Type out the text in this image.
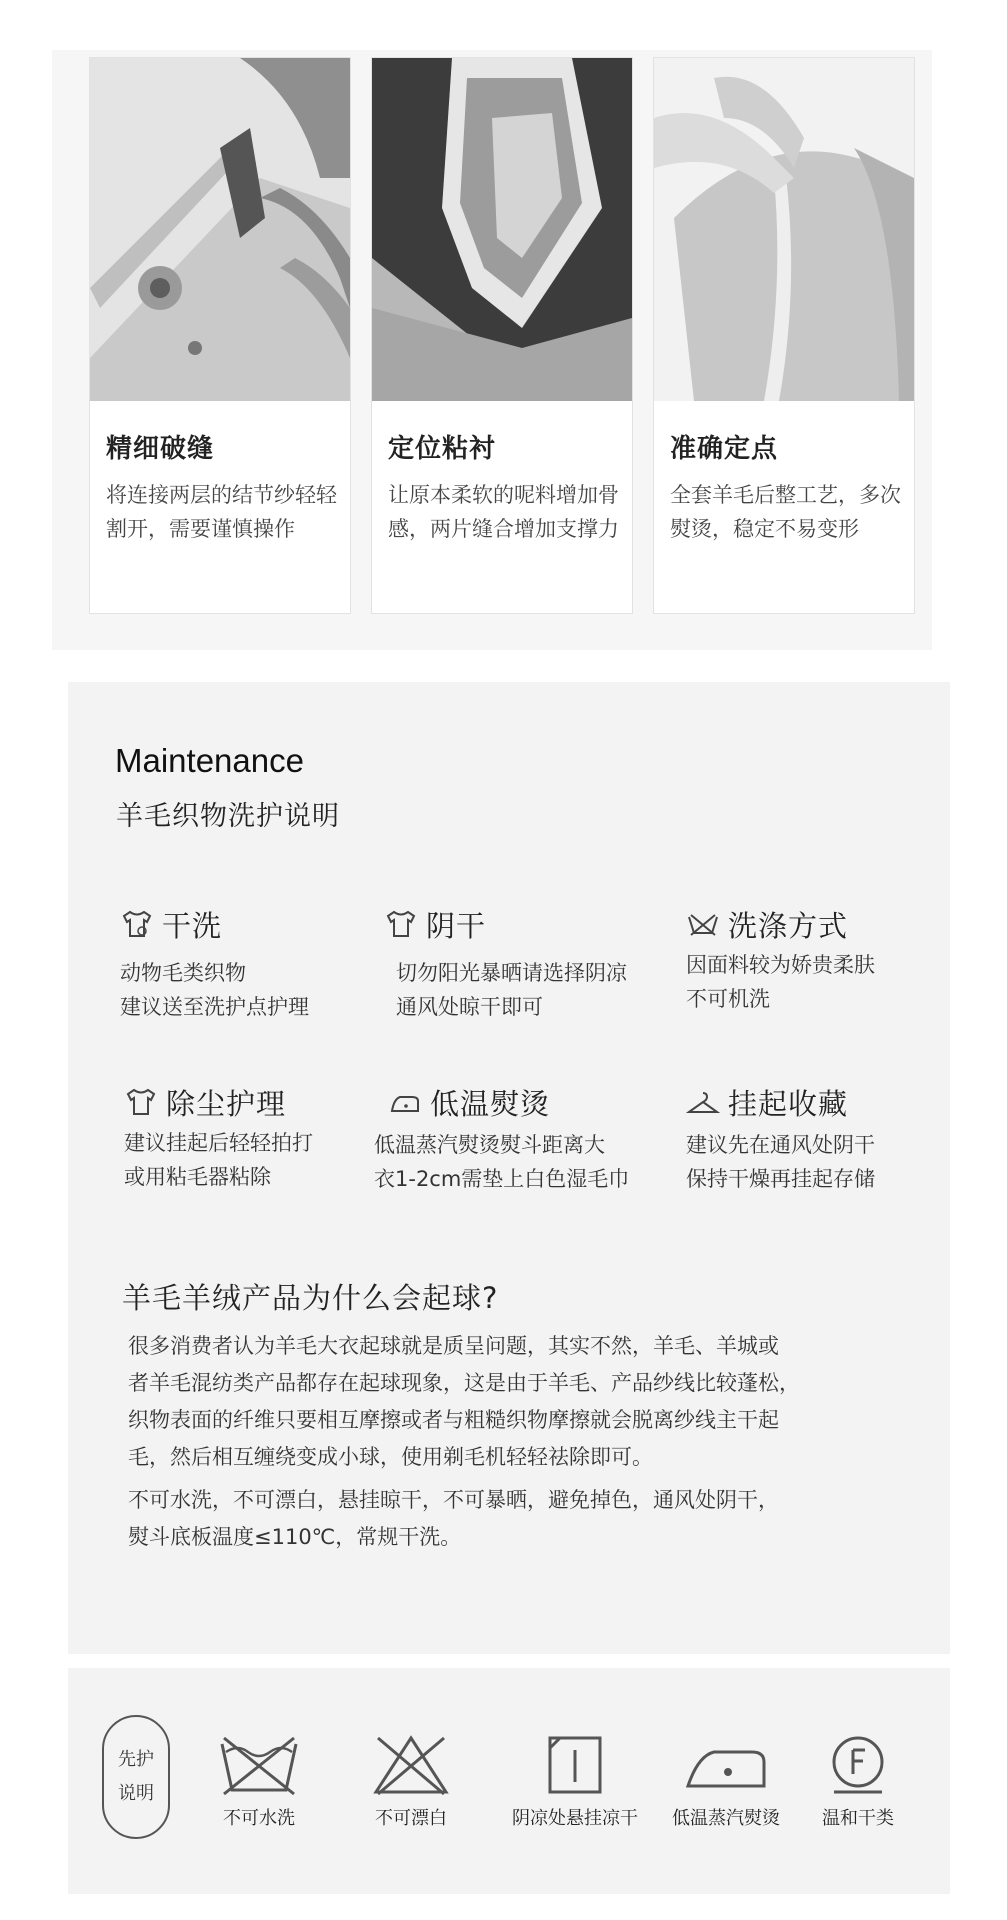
精细破缝
将连接两层的结节纱轻轻割开，需要谨慎操作
定位粘衬
让原本柔软的呢料增加骨感，两片缝合增加支撑力
准确定点
全套羊毛后整工艺，多次熨烫，稳定不易变形
Maintenance
羊毛织物洗护说明
干洗
动物毛类织物
建议送至洗护点护理
阴干
切勿阳光暴晒请选择阴凉
通风处晾干即可
洗涤方式
因面料较为娇贵柔肤
不可机洗
除尘护理
建议挂起后轻轻拍打
或用粘毛器粘除
低温熨烫
低温蒸汽熨烫熨斗距离大
衣1-2cm需垫上白色湿毛巾
挂起收藏
建议先在通风处阴干
保持干燥再挂起存储
羊毛羊绒产品为什么会起球?
很多消费者认为羊毛大衣起球就是质呈问题，其实不然，羊毛、羊城或
者羊毛混纺类产品都存在起球现象，这是由于羊毛、产品纱线比较蓬松，
织物表面的纤维只要相互摩擦或者与粗糙织物摩擦就会脱离纱线主干起
毛，然后相互缠绕变成小球，使用剃毛机轻轻祛除即可。
不可水洗，不可漂白，悬挂晾干，不可暴晒，避免掉色，通风处阴干，
熨斗底板温度≤110℃，常规干洗。
先护
说明
不可水洗	不可漂白	阴凉处悬挂凉干 低温蒸汽熨烫 温和干类
